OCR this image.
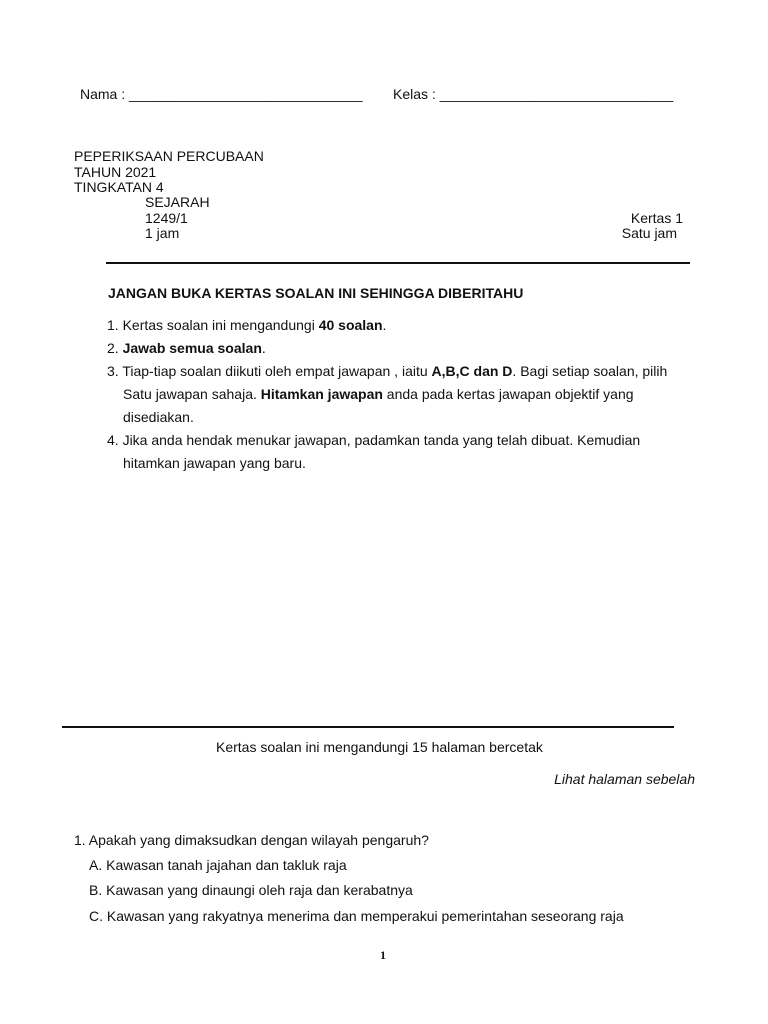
Nama : ______________________________ Kelas : ______________________________
PEPERIKSAAN PERCUBAAN
TAHUN 2021
TINGKATAN 4
SEJARAH
1249/1	Kertas 1
1 jam	Satu jam
JANGAN BUKA KERTAS SOALAN INI SEHINGGA DIBERITAHU
1. Kertas soalan ini mengandungi 40 soalan.
2. Jawab semua soalan.
3. Tiap-tiap soalan diikuti oleh empat jawapan , iaitu A,B,C dan D. Bagi setiap soalan, pilih
Satu jawapan sahaja. Hitamkan jawapan anda pada kertas jawapan objektif yang
disediakan.
4. Jika anda hendak menukar jawapan, padamkan tanda yang telah dibuat. Kemudian
hitamkan jawapan yang baru.
Kertas soalan ini mengandungi 15 halaman bercetak
Lihat halaman sebelah
1. Apakah yang dimaksudkan dengan wilayah pengaruh?
A. Kawasan tanah jajahan dan takluk raja
B. Kawasan yang dinaungi oleh raja dan kerabatnya
C. Kawasan yang rakyatnya menerima dan memperakui pemerintahan seseorang raja
1
